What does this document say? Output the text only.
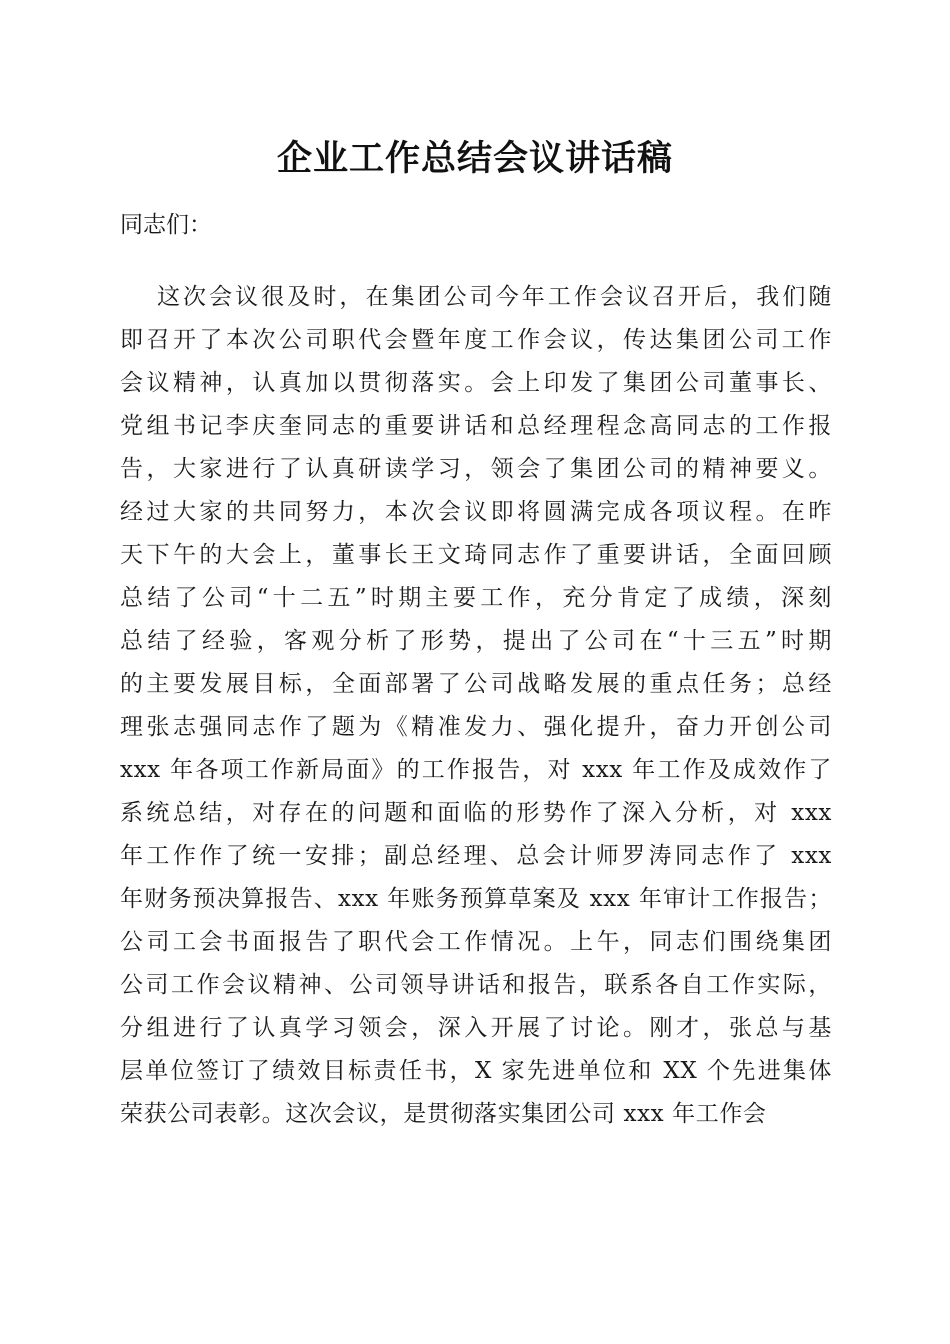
企业工作总结会议讲话稿

同志们：

这次会议很及时，在集团公司今年工作会议召开后，我们随
即召开了本次公司职代会暨年度工作会议，传达集团公司工作
会议精神，认真加以贯彻落实。会上印发了集团公司董事长、
党组书记李庆奎同志的重要讲话和总经理程念高同志的工作报
告，大家进行了认真研读学习，领会了集团公司的精神要义。
经过大家的共同努力，本次会议即将圆满完成各项议程。在昨
天下午的大会上，董事长王文琦同志作了重要讲话，全面回顾
总结了公司“十二五”时期主要工作，充分肯定了成绩，深刻
总结了经验，客观分析了形势，提出了公司在“十三五”时期
的主要发展目标，全面部署了公司战略发展的重点任务；总经
理张志强同志作了题为《精准发力、强化提升，奋力开创公司
xxx 年各项工作新局面》的工作报告，对 xxx 年工作及成效作了
系统总结，对存在的问题和面临的形势作了深入分析，对 xxx
年工作作了统一安排；副总经理、总会计师罗涛同志作了 xxx
年财务预决算报告、xxx 年账务预算草案及 xxx 年审计工作报告；
公司工会书面报告了职代会工作情况。上午，同志们围绕集团
公司工作会议精神、公司领导讲话和报告，联系各自工作实际，
分组进行了认真学习领会，深入开展了讨论。刚才，张总与基
层单位签订了绩效目标责任书，X 家先进单位和 XX 个先进集体
荣获公司表彰。这次会议，是贯彻落实集团公司 xxx 年工作会
